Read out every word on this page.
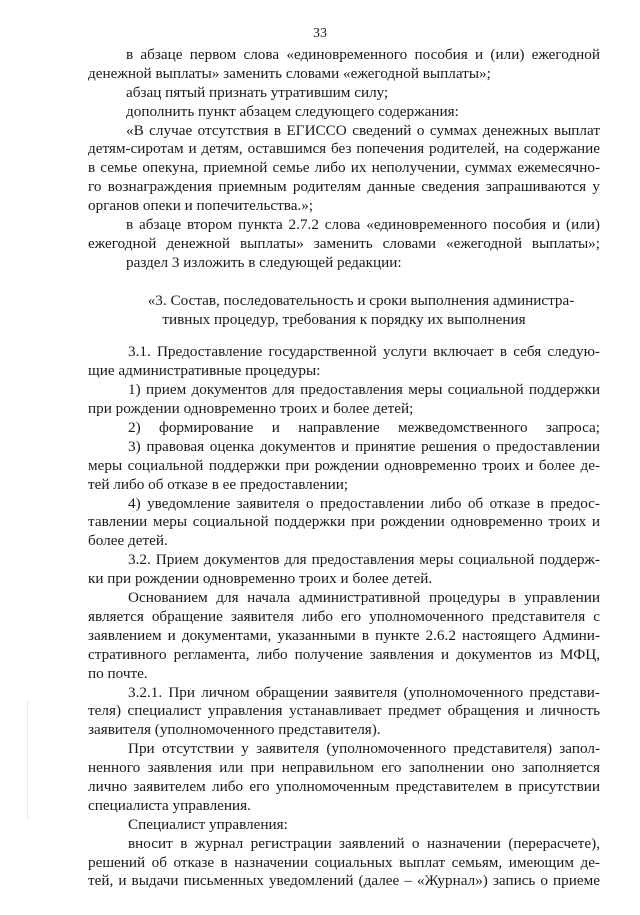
33
в абзаце первом слова «единовременного пособия и (или) ежегодной
денежной выплаты» заменить словами «ежегодной выплаты»;
абзац пятый признать утратившим силу;
дополнить пункт абзацем следующего содержания:
«В случае отсутствия в ЕГИССО сведений о суммах денежных выплат
детям-сиротам и детям, оставшимся без попечения родителей, на содержание
в семье опекуна, приемной семье либо их неполучении, суммах ежемесячно-
го вознаграждения приемным родителям данные сведения запрашиваются у
органов опеки и попечительства.»;
в абзаце втором пункта 2.7.2 слова «единовременного пособия и (или)
ежегодной денежной выплаты» заменить словами «ежегодной выплаты»;
раздел 3 изложить в следующей редакции:
«3. Состав, последовательность и сроки выполнения администра-
тивных процедур, требования к порядку их выполнения
3.1. Предоставление государственной услуги включает в себя следую-
щие административные процедуры:
1) прием документов для предоставления меры социальной поддержки
при рождении одновременно троих и более детей;
2) формирование и направление межведомственного запроса;
3) правовая оценка документов и принятие решения о предоставлении
меры социальной поддержки при рождении одновременно троих и более де-
тей либо об отказе в ее предоставлении;
4) уведомление заявителя о предоставлении либо об отказе в предос-
тавлении меры социальной поддержки при рождении одновременно троих и
более детей.
3.2. Прием документов для предоставления меры социальной поддерж-
ки при рождении одновременно троих и более детей.
Основанием для начала административной процедуры в управлении
является обращение заявителя либо его уполномоченного представителя с
заявлением и документами, указанными в пункте 2.6.2 настоящего Админи-
стративного регламента, либо получение заявления и документов из МФЦ,
по почте.
3.2.1. При личном обращении заявителя (уполномоченного представи-
теля) специалист управления устанавливает предмет обращения и личность
заявителя (уполномоченного представителя).
При отсутствии у заявителя (уполномоченного представителя) запол-
ненного заявления или при неправильном его заполнении оно заполняется
лично заявителем либо его уполномоченным представителем в присутствии
специалиста управления.
Специалист управления:
вносит в журнал регистрации заявлений о назначении (перерасчете),
решений об отказе в назначении социальных выплат семьям, имеющим де-
тей, и выдачи письменных уведомлений (далее – «Журнал») запись о приеме
